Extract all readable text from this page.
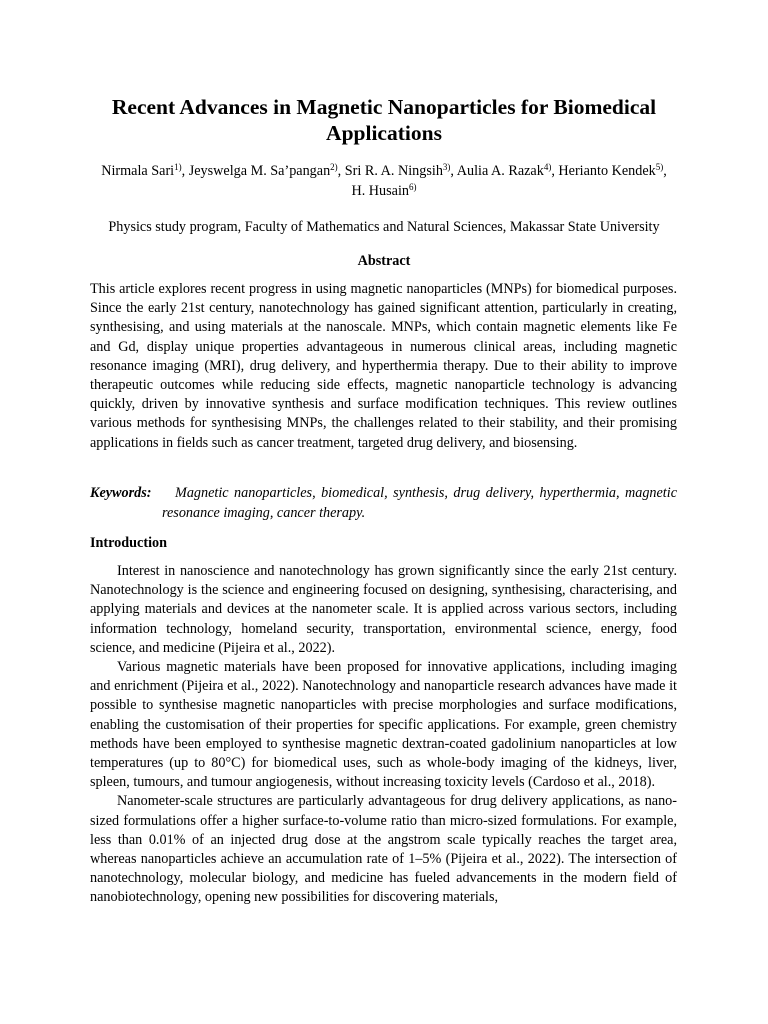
Recent Advances in Magnetic Nanoparticles for Biomedical Applications
Nirmala Sari$^{1)}$, Jeyswelga M. Sa’pangan$^{2)}$, Sri R. A. Ningsih$^{3)}$, Aulia A. Razak$^{4)}$, Herianto Kendek$^{5)}$, H. Husain$^{6)}$

Physics study program, Faculty of Mathematics and Natural Sciences, Makassar State University

Abstract

This article explores recent progress in using magnetic nanoparticles (MNPs) for biomedical purposes. Since the early 21st century, nanotechnology has gained significant attention, particularly in creating, synthesising, and using materials at the nanoscale. MNPs, which contain magnetic elements like Fe and Gd, display unique properties advantageous in numerous clinical areas, including magnetic resonance imaging (MRI), drug delivery, and hyperthermia therapy. Due to their ability to improve therapeutic outcomes while reducing side effects, magnetic nanoparticle technology is advancing quickly, driven by innovative synthesis and surface modification techniques. This review outlines various methods for synthesising MNPs, the challenges related to their stability, and their promising applications in fields such as cancer treatment, targeted drug delivery, and biosensing.

Keywords:	Magnetic nanoparticles, biomedical, synthesis, drug delivery, hyperthermia, magnetic resonance imaging, cancer therapy.
Introduction

Interest in nanoscience and nanotechnology has grown significantly since the early 21st century. Nanotechnology is the science and engineering focused on designing, synthesising, characterising, and applying materials and devices at the nanometer scale. It is applied across various sectors, including information technology, homeland security, transportation, environmental science, energy, food science, and medicine (Pijeira et al., 2022).

Various magnetic materials have been proposed for innovative applications, including imaging and enrichment (Pijeira et al., 2022). Nanotechnology and nanoparticle research advances have made it possible to synthesise magnetic nanoparticles with precise morphologies and surface modifications, enabling the customisation of their properties for specific applications. For example, green chemistry methods have been employed to synthesise magnetic dextran-coated gadolinium nanoparticles at low temperatures (up to 80°C) for biomedical uses, such as whole-body imaging of the kidneys, liver, spleen, tumours, and tumour angiogenesis, without increasing toxicity levels (Cardoso et al., 2018).

Nanometer-scale structures are particularly advantageous for drug delivery applications, as nano-sized formulations offer a higher surface-to-volume ratio than micro-sized formulations. For example, less than 0.01% of an injected drug dose at the angstrom scale typically reaches the target area, whereas nanoparticles achieve an accumulation rate of 1–5% (Pijeira et al., 2022). The intersection of nanotechnology, molecular biology, and medicine has fueled advancements in the modern field of nanobiotechnology, opening new possibilities for discovering materials,
